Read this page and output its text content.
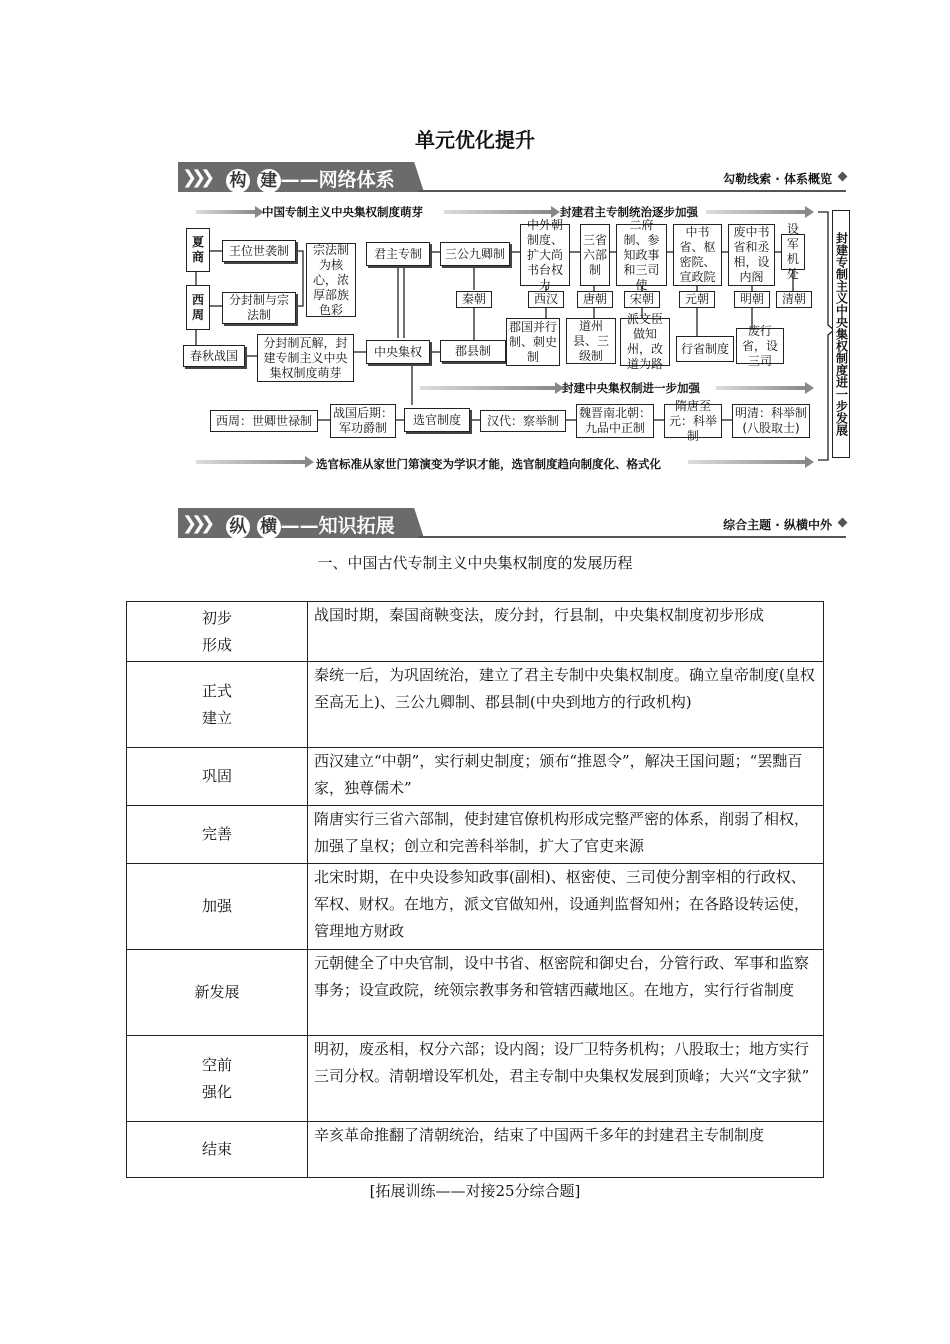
单元优化提升
❯❯❯ 构 建 ——网络体系	勾勒线索 · 体系概览
中国专制主义中央集权制度萌芽	封建君主专制统治逐步加强
封建中央集权制进一步加强
选官标准从家世门第演变为学识才能，选官制度趋向制度化、格式化
夏商	王位世袭制
西周
分封制与宗法制
宗法制为核心，浓厚部族色彩
春秋战国
分封制瓦解，封建专制主义中央集权制度萌芽
君主专制
中央集权
三公九卿制
秦朝
郡县制
中外朝制度、扩大尚书台权力
西汉
郡国并行制、刺史制
三省六部制
唐朝
道州县、三级制
二府制、参知政事和三司使
宋朝
派文臣做知州，改道为路
中书省、枢密院、宣政院
元朝
行省制度
废中书省和丞相，设内阁
明朝
废行省，设三司
设军机处
清朝
西周：世卿世禄制
战国后期：军功爵制
选官制度	汉代：察举制
魏晋南北朝：九品中正制
隋唐至元：科举制
明清：科举制(八股取士)	封建专制主义中央集权制度进一步发展
❯❯❯ 纵 横 ——知识拓展	综合主题 · 纵横中外
一、中国古代专制主义中央集权制度的发展历程
初步
形成	战国时期，秦国商鞅变法，废分封，行县制，中央集权制度初步形成

正式
建立	秦统一后，为巩固统治，建立了君主专制中央集权制度。确立皇帝制度(皇权至高无上)、三公九卿制、郡县制(中央到地方的行政机构)

巩固	西汉建立“中朝”，实行刺史制度；颁布“推恩令”，解决王国问题；“罢黜百家，独尊儒术”

完善	隋唐实行三省六部制，使封建官僚机构形成完整严密的体系，削弱了相权，加强了皇权；创立和完善科举制，扩大了官吏来源

加强	北宋时期，在中央设参知政事(副相)、枢密使、三司使分割宰相的行政权、军权、财权。在地方，派文官做知州，设通判监督知州；在各路设转运使，管理地方财政

新发展	元朝健全了中央官制，设中书省、枢密院和御史台，分管行政、军事和监察事务；设宣政院，统领宗教事务和管辖西藏地区。在地方，实行行省制度

空前
强化	明初，废丞相，权分六部；设内阁；设厂卫特务机构；八股取士；地方实行三司分权。清朝增设军机处，君主专制中央集权发展到顶峰；大兴“文字狱”

结束	辛亥革命推翻了清朝统治，结束了中国两千多年的封建君主专制制度
[拓展训练——对接25分综合题]
